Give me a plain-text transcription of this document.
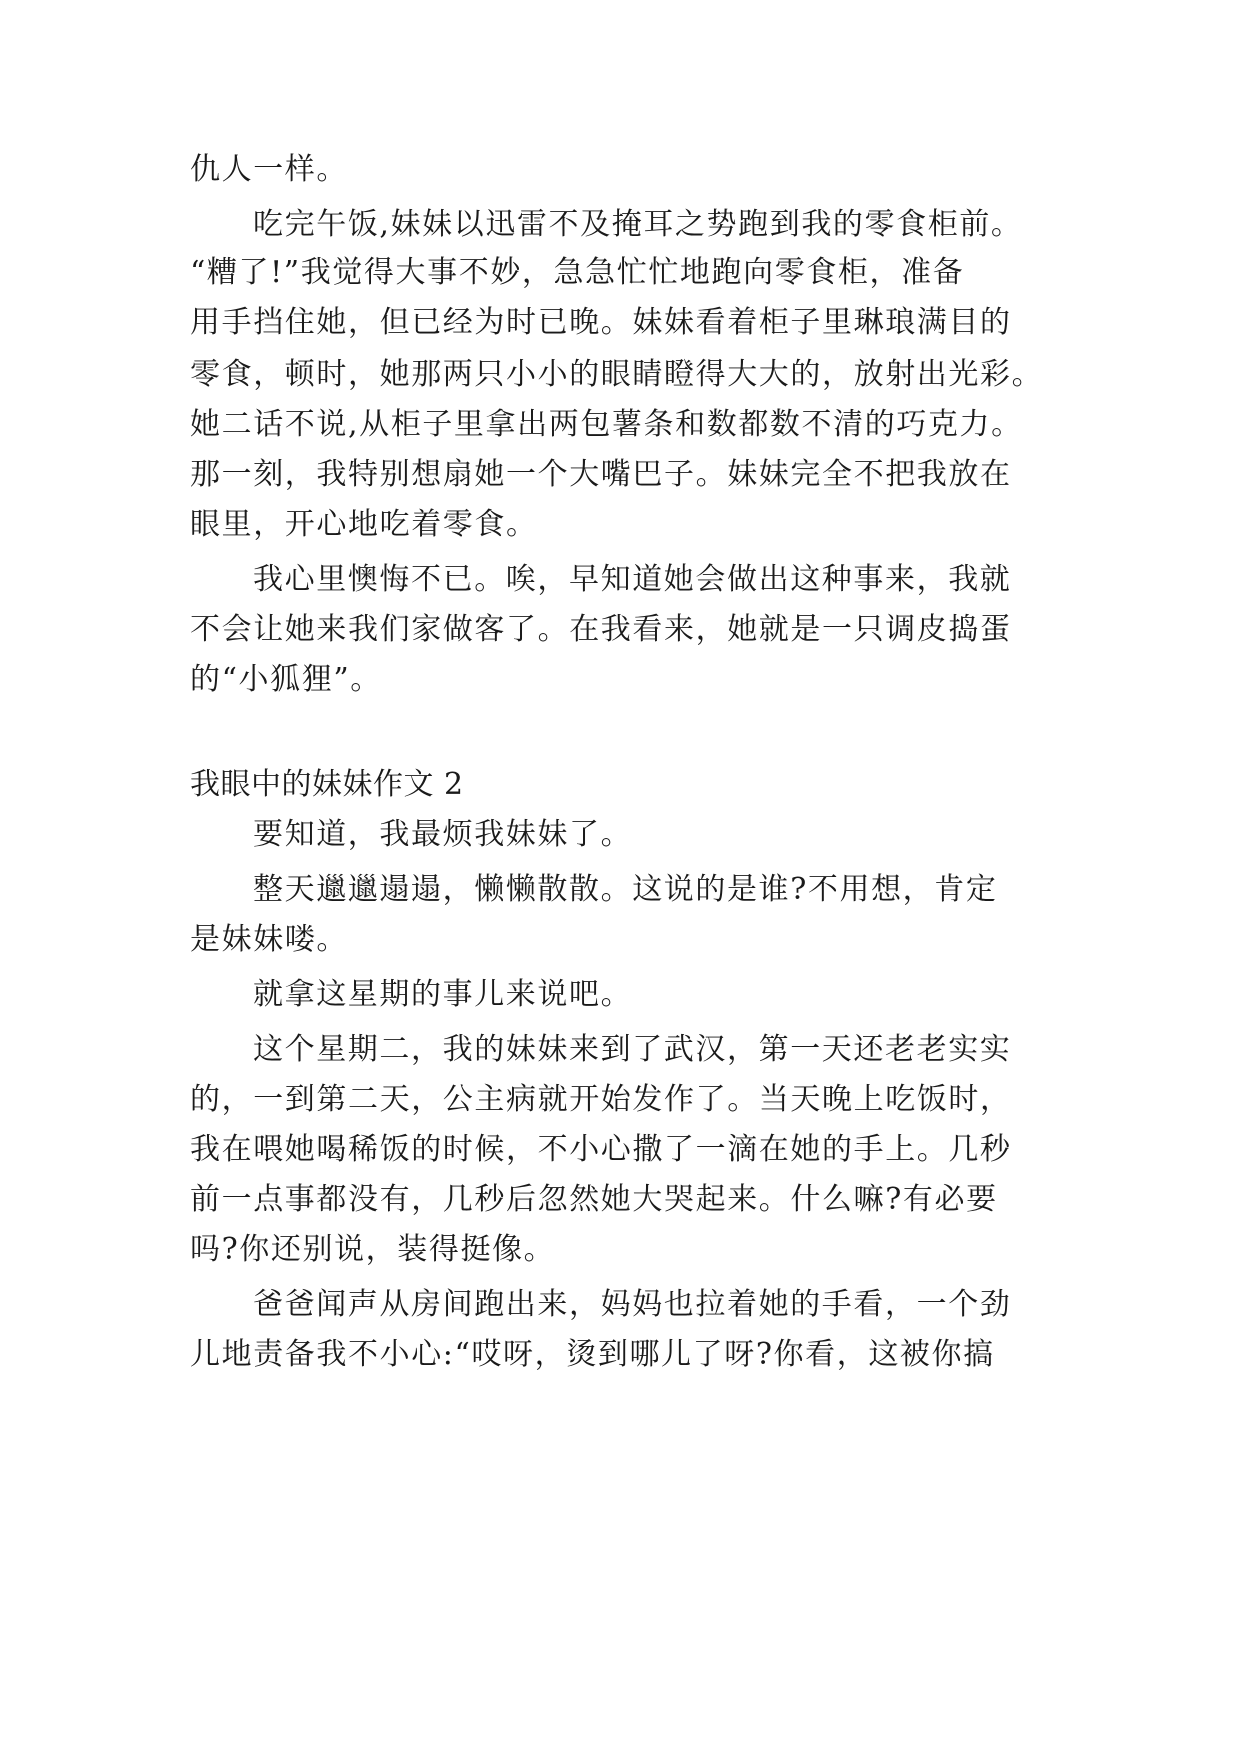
仇人一样。
吃完午饭,妹妹以迅雷不及掩耳之势跑到我的零食柜前。
“糟了!”我觉得大事不妙，急急忙忙地跑向零食柜，准备
用手挡住她，但已经为时已晚。妹妹看着柜子里琳琅满目的
零食，顿时，她那两只小小的眼睛瞪得大大的，放射出光彩。
她二话不说,从柜子里拿出两包薯条和数都数不清的巧克力。
那一刻，我特别想扇她一个大嘴巴子。妹妹完全不把我放在
眼里，开心地吃着零食。
我心里懊悔不已。唉，早知道她会做出这种事来，我就
不会让她来我们家做客了。在我看来，她就是一只调皮捣蛋
的“小狐狸”。
我眼中的妹妹作文 2
要知道，我最烦我妹妹了。
整天邋邋遢遢，懒懒散散。这说的是谁?不用想，肯定
是妹妹喽。
就拿这星期的事儿来说吧。
这个星期二，我的妹妹来到了武汉，第一天还老老实实
的，一到第二天，公主病就开始发作了。当天晚上吃饭时，
我在喂她喝稀饭的时候，不小心撒了一滴在她的手上。几秒
前一点事都没有，几秒后忽然她大哭起来。什么嘛?有必要
吗?你还别说，装得挺像。
爸爸闻声从房间跑出来，妈妈也拉着她的手看，一个劲
儿地责备我不小心:“哎呀，烫到哪儿了呀?你看，这被你搞
